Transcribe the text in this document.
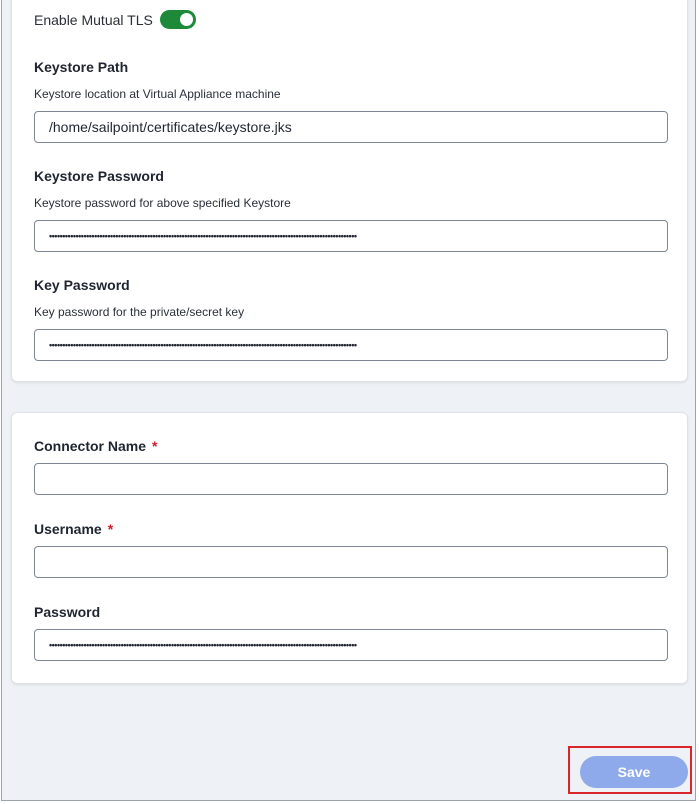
Enable Mutual TLS
Keystore Path
Keystore location at Virtual Appliance machine
/home/sailpoint/certificates/keystore.jks
Keystore Password
Keystore password for above specified Keystore
••••••••••••••••••••••••••••••••••••••••••••••••••••••••••••••••••••••••••••••••••••••••••••••••••••••••••••••••••••
Key Password
Key password for the private/secret key
••••••••••••••••••••••••••••••••••••••••••••••••••••••••••••••••••••••••••••••••••••••••••••••••••••••••••••••••••••
Connector Name *
Username *
Password
••••••••••••••••••••••••••••••••••••••••••••••••••••••••••••••••••••••••••••••••••••••••••••••••••••••••••••••••••••
Save
